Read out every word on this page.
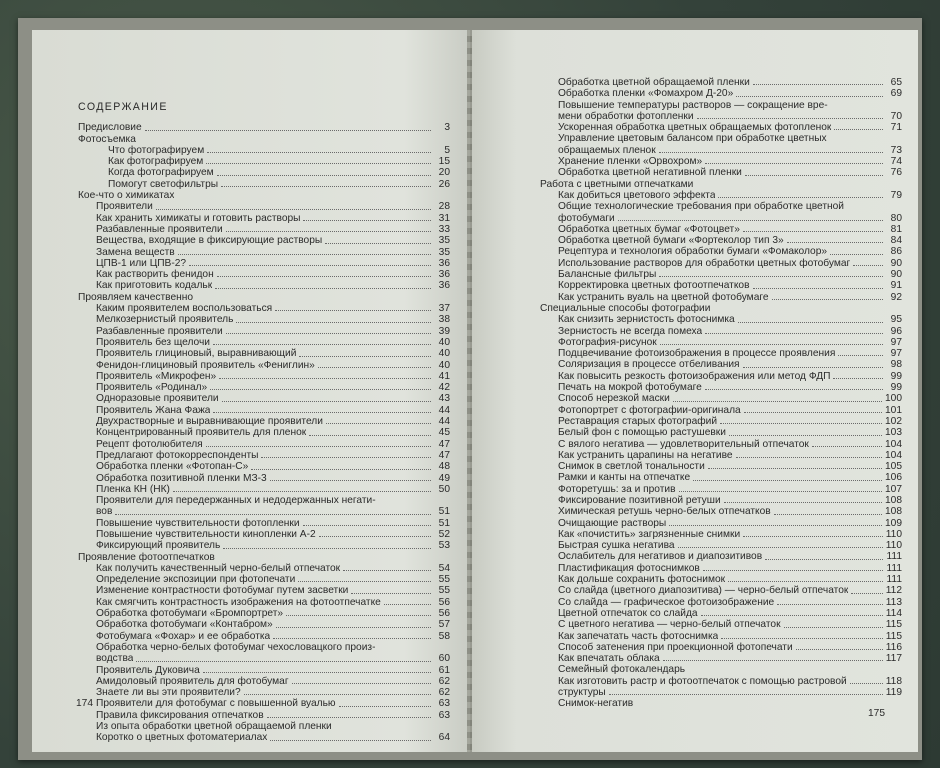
СОДЕРЖАНИЕ
Предисловие	3
Фотосъемка
Что фотографируем	5
Как фотографируем	15
Когда фотографируем	20
Помогут светофильтры	26
Кое-что о химикатах
Проявители	28
Как хранить химикаты и готовить растворы	31
Разбавленные проявители	33
Вещества, входящие в фиксирующие растворы	35
Замена веществ	35
ЦПВ-1 или ЦПВ-2?	36
Как растворить фенидон	36
Как приготовить кодальк	36
Проявляем качественно
Каким проявителем воспользоваться	37
Мелкозернистый проявитель	38
Разбавленные проявители	39
Проявитель без щелочи	40
Проявитель глициновый, выравнивающий	40
Фенидон-глициновый проявитель «Фениглин»	40
Проявитель «Микрофен»	41
Проявитель «Родинал»	42
Одноразовые проявители	43
Проявитель Жана Фажа	44
Двухрастворные и выравнивающие проявители	44
Концентрированный проявитель для пленок	45
Рецепт фотолюбителя	47
Предлагают фотокорреспонденты	47
Обработка пленки «Фотопан-С»	48
Обработка позитивной пленки МЗ-3	49
Пленка КН (НК)	50
Проявители для передержанных и недодержанных негати-
вов	51
Повышение чувствительности фотопленки	51
Повышение чувствительности кинопленки А-2	52
Фиксирующий проявитель	53
Проявление фотоотпечатков
Как получить качественный черно-белый отпечаток	54
Определение экспозиции при фотопечати	55
Изменение контрастности фотобумаг путем засветки	55
Как смягчить контрастность изображения на фотоотпечатке	56
Обработка фотобумаги «Бромпортрет»	56
Обработка фотобумаги «Контабром»	57
Фотобумага «Фохар» и ее обработка	58
Обработка черно-белых фотобумаг чехословацкого произ-
водства	60
Проявитель Дуковича	61
Амидоловый проявитель для фотобумаг	62
Знаете ли вы эти проявители?	62
Проявители для фотобумаг с повышенной вуалью	63
Правила фиксирования отпечатков	63
Из опыта обработки цветной обращаемой пленки
Коротко о цветных фотоматериалах	64
174
Обработка цветной обращаемой пленки	65
Обработка пленки «Фомахром Д-20»	69
Повышение температуры растворов — сокращение вре-
мени обработки фотопленки	70
Ускоренная обработка цветных обращаемых фотопленок	71
Управление цветовым балансом при обработке цветных
обращаемых пленок	73
Хранение пленки «Орвохром»	74
Обработка цветной негативной пленки	76
Работа с цветными отпечатками
Как добиться цветового эффекта	79
Общие технологические требования при обработке цветной
фотобумаги	80
Обработка цветных бумаг «Фотоцвет»	81
Обработка цветной бумаги «Фортеколор тип 3»	84
Рецептура и технология обработки бумаги «Фомаколор»	86
Использование растворов для обработки цветных фотобумаг	90
Балансные фильтры	90
Корректировка цветных фотоотпечатков	91
Как устранить вуаль на цветной фотобумаге	92
Специальные способы фотографии
Как снизить зернистость фотоснимка	95
Зернистость не всегда помеха	96
Фотография-рисунок	97
Подцвечивание фотоизображения в процессе проявления	97
Соляризация в процессе отбеливания	98
Как повысить резкость фотоизображения или метод ФДП	99
Печать на мокрой фотобумаге	99
Способ нерезкой маски	100
Фотопортрет с фотографии-оригинала	101
Реставрация старых фотографий	102
Белый фон с помощью растушевки	103
С вялого негатива — удовлетворительный отпечаток	104
Как устранить царапины на негативе	104
Снимок в светлой тональности	105
Рамки и канты на отпечатке	106
Фоторетушь: за и против	107
Фиксирование позитивной ретуши	108
Химическая ретушь черно-белых отпечатков	108
Очищающие растворы	109
Как «почистить» загрязненные снимки	110
Быстрая сушка негатива	110
Ослабитель для негативов и диапозитивов	111
Пластификация фотоснимков	111
Как дольше сохранить фотоснимок	111
Со слайда (цветного диапозитива) — черно-белый отпечаток	112
Со слайда — графическое фотоизображение	113
Цветной отпечаток со слайда	114
С цветного негатива — черно-белый отпечаток	115
Как запечатать часть фотоснимка	115
Способ затенения при проекционной фотопечати	116
Как впечатать облака	117
Семейный фотокалендарь
Как изготовить растр и фотоотпечаток с помощью растровой	118
структуры	119
Снимок-негатив
175
